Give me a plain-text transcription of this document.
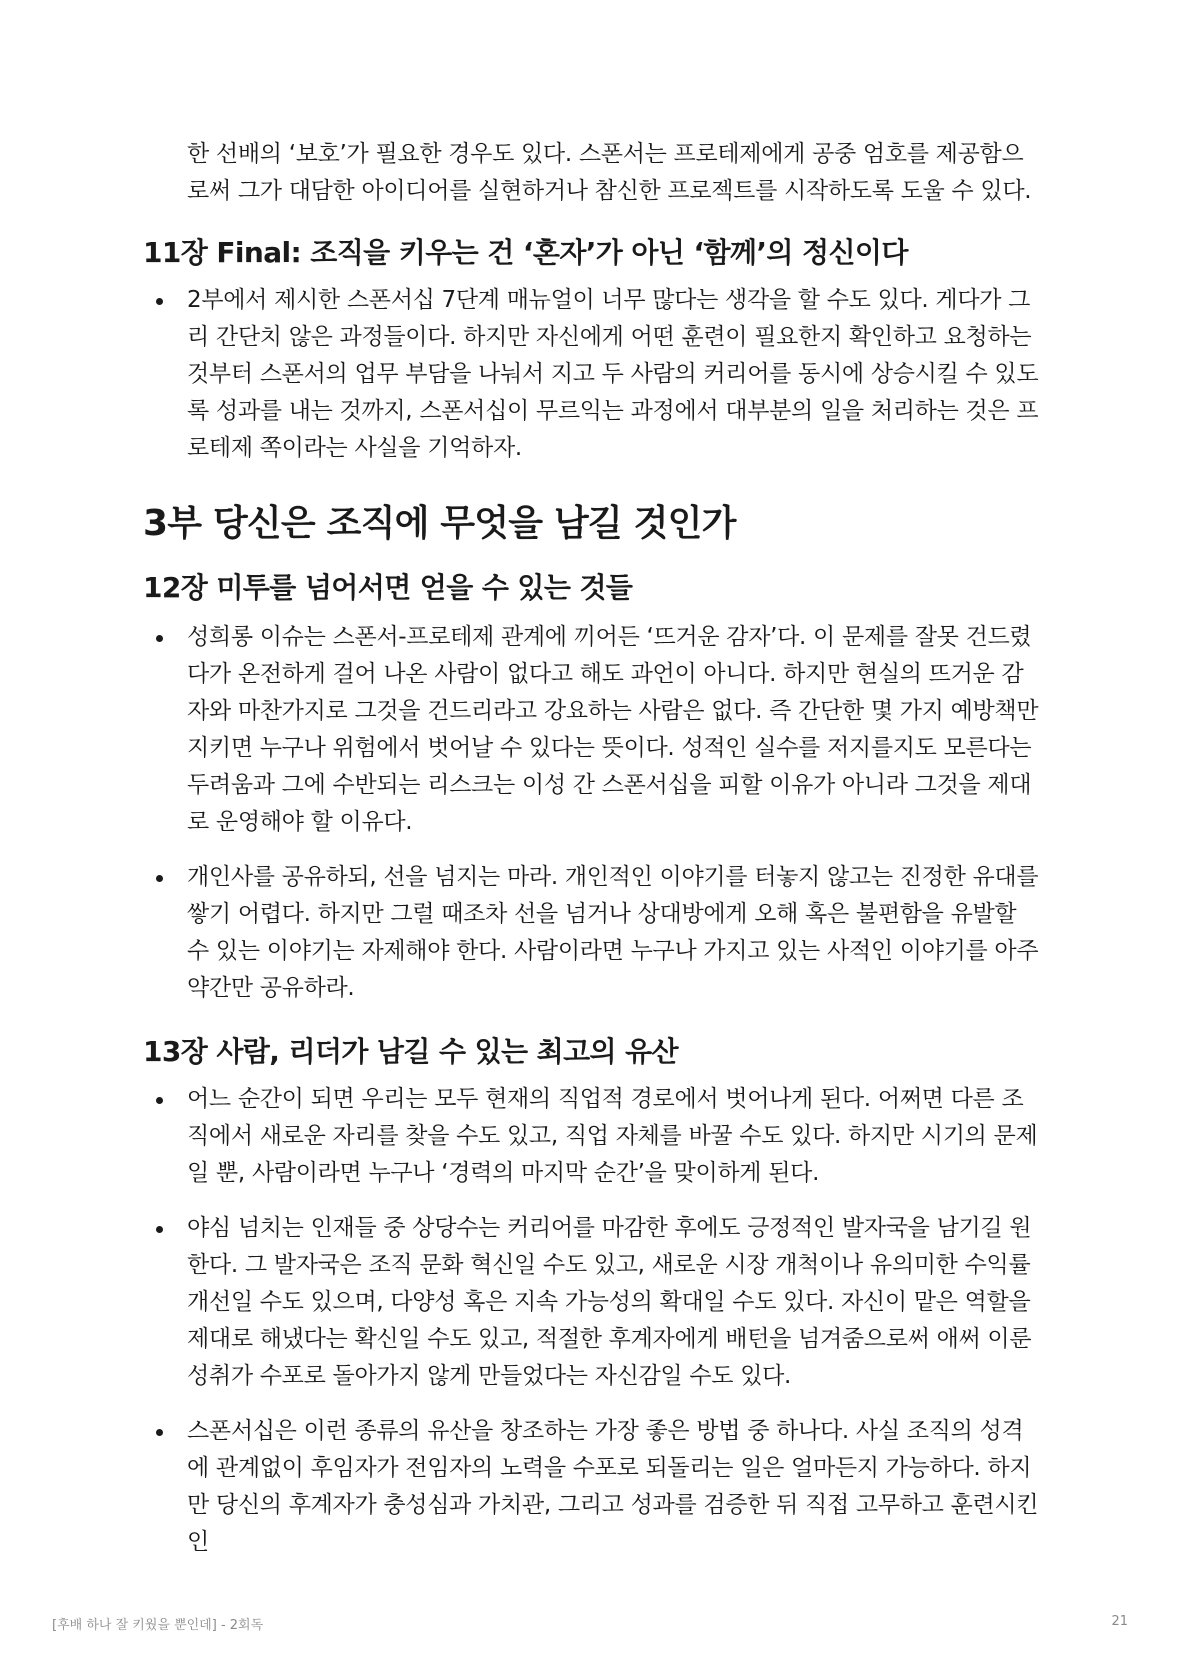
한 선배의 ‘보호’가 필요한 경우도 있다. 스폰서는 프로테제에게 공중 엄호를 제공함으로써 그가 대담한 아이디어를 실현하거나 참신한 프로젝트를 시작하도록 도울 수 있다.

11장 Final: 조직을 키우는 건 ‘혼자’가 아닌 ‘함께’의 정신이다
2부에서 제시한 스폰서십 7단계 매뉴얼이 너무 많다는 생각을 할 수도 있다. 게다가 그리 간단치 않은 과정들이다. 하지만 자신에게 어떤 훈련이 필요한지 확인하고 요청하는 것부터 스폰서의 업무 부담을 나눠서 지고 두 사람의 커리어를 동시에 상승시킬 수 있도록 성과를 내는 것까지, 스폰서십이 무르익는 과정에서 대부분의 일을 처리하는 것은 프로테제 쪽이라는 사실을 기억하자.
3부 당신은 조직에 무엇을 남길 것인가
12장 미투를 넘어서면 얻을 수 있는 것들
성희롱 이슈는 스폰서-프로테제 관계에 끼어든 ‘뜨거운 감자’다. 이 문제를 잘못 건드렸다가 온전하게 걸어 나온 사람이 없다고 해도 과언이 아니다. 하지만 현실의 뜨거운 감자와 마찬가지로 그것을 건드리라고 강요하는 사람은 없다. 즉 간단한 몇 가지 예방책만 지키면 누구나 위험에서 벗어날 수 있다는 뜻이다. 성적인 실수를 저지를지도 모른다는 두려움과 그에 수반되는 리스크는 이성 간 스폰서십을 피할 이유가 아니라 그것을 제대로 운영해야 할 이유다.
개인사를 공유하되, 선을 넘지는 마라. 개인적인 이야기를 터놓지 않고는 진정한 유대를 쌓기 어렵다. 하지만 그럴 때조차 선을 넘거나 상대방에게 오해 혹은 불편함을 유발할 수 있는 이야기는 자제해야 한다. 사람이라면 누구나 가지고 있는 사적인 이야기를 아주 약간만 공유하라.
13장 사람, 리더가 남길 수 있는 최고의 유산
어느 순간이 되면 우리는 모두 현재의 직업적 경로에서 벗어나게 된다. 어쩌면 다른 조직에서 새로운 자리를 찾을 수도 있고, 직업 자체를 바꿀 수도 있다. 하지만 시기의 문제일 뿐, 사람이라면 누구나 ‘경력의 마지막 순간’을 맞이하게 된다.
야심 넘치는 인재들 중 상당수는 커리어를 마감한 후에도 긍정적인 발자국을 남기길 원한다. 그 발자국은 조직 문화 혁신일 수도 있고, 새로운 시장 개척이나 유의미한 수익률 개선일 수도 있으며, 다양성 혹은 지속 가능성의 확대일 수도 있다. 자신이 맡은 역할을 제대로 해냈다는 확신일 수도 있고, 적절한 후계자에게 배턴을 넘겨줌으로써 애써 이룬 성취가 수포로 돌아가지 않게 만들었다는 자신감일 수도 있다.
스폰서십은 이런 종류의 유산을 창조하는 가장 좋은 방법 중 하나다. 사실 조직의 성격에 관계없이 후임자가 전임자의 노력을 수포로 되돌리는 일은 얼마든지 가능하다. 하지만 당신의 후계자가 충성심과 가치관, 그리고 성과를 검증한 뒤 직접 고무하고 훈련시킨 인
[후배 하나 잘 키웠을 뿐인데] - 2회독	21
